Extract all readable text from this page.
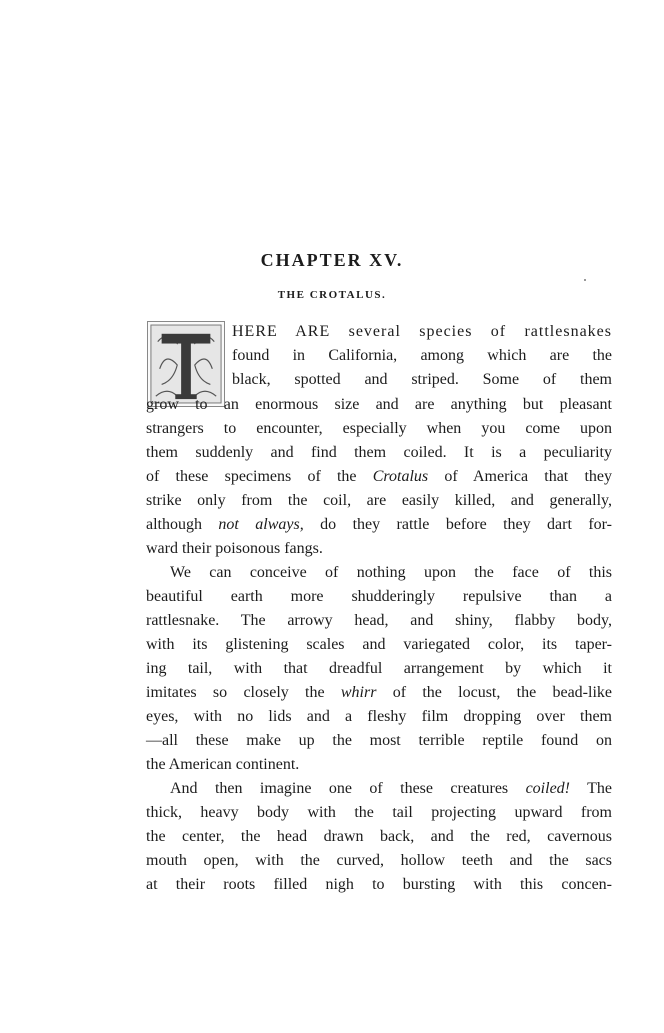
CHAPTER XV.
THE CROTALUS.
T
HERE ARE several species of rattlesnakes
found in California, among which are the
black, spotted and striped. Some of them
grow to an enormous size and are anything but pleasant
strangers to encounter, especially when you come upon
them suddenly and find them coiled. It is a peculiarity
of these specimens of the Crotalus of America that they
strike only from the coil, are easily killed, and generally,
although not always, do they rattle before they dart for-
ward their poisonous fangs.
We can conceive of nothing upon the face of this
beautiful earth more shudderingly repulsive than a
rattlesnake. The arrowy head, and shiny, flabby body,
with its glistening scales and variegated color, its taper-
ing tail, with that dreadful arrangement by which it
imitates so closely the whirr of the locust, the bead-like
eyes, with no lids and a fleshy film dropping over them
—all these make up the most terrible reptile found on
the American continent.
And then imagine one of these creatures coiled! The
thick, heavy body with the tail projecting upward from
the center, the head drawn back, and the red, cavernous
mouth open, with the curved, hollow teeth and the sacs
at their roots filled nigh to bursting with this concen-
